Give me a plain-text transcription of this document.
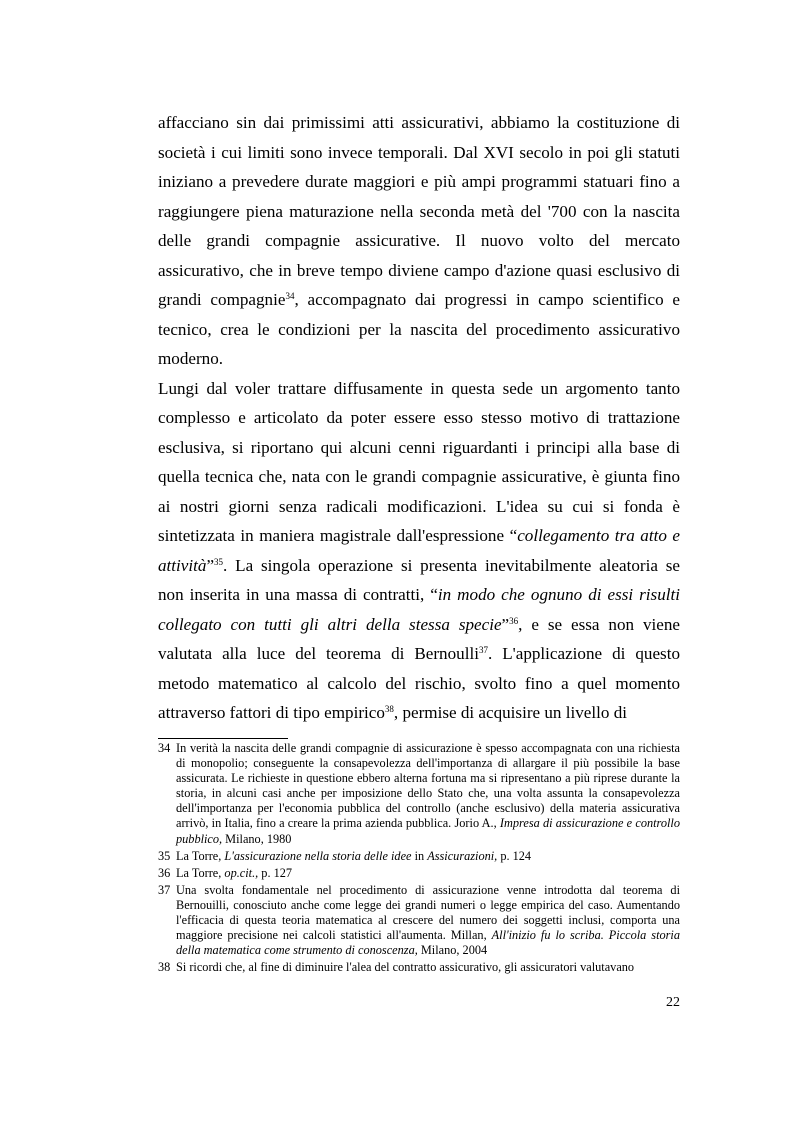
affacciano sin dai primissimi atti assicurativi, abbiamo la costituzione di società i cui limiti sono invece temporali. Dal XVI secolo in poi gli statuti iniziano a prevedere durate maggiori e più ampi programmi statuari fino a raggiungere piena maturazione nella seconda metà del '700 con la nascita delle grandi compagnie assicurative. Il nuovo volto del mercato assicurativo, che in breve tempo diviene campo d'azione quasi esclusivo di grandi compagnie$^{34}$, accompagnato dai progressi in campo scientifico e tecnico, crea le condizioni per la nascita del procedimento assicurativo moderno.

Lungi dal voler trattare diffusamente in questa sede un argomento tanto complesso e articolato da poter essere esso stesso motivo di trattazione esclusiva, si riportano qui alcuni cenni riguardanti i principi alla base di quella tecnica che, nata con le grandi compagnie assicurative, è giunta fino ai nostri giorni senza radicali modificazioni. L'idea su cui si fonda è sintetizzata in maniera magistrale dall'espressione “collegamento tra atto e attività”$^{35}$. La singola operazione si presenta inevitabilmente aleatoria se non inserita in una massa di contratti, “in modo che ognuno di essi risulti collegato con tutti gli altri della stessa specie”$^{36}$, e se essa non viene valutata alla luce del teorema di Bernoulli$^{37}$. L'applicazione di questo metodo matematico al calcolo del rischio, svolto fino a quel momento attraverso fattori di tipo empirico$^{38}$, permise di acquisire un livello di

34 In verità la nascita delle grandi compagnie di assicurazione è spesso accompagnata con una richiesta di monopolio; conseguente la consapevolezza dell'importanza di allargare il più possibile la base assicurata. Le richieste in questione ebbero alterna fortuna ma si ripresentano a più riprese durante la storia, in alcuni casi anche per imposizione dello Stato che, una volta assunta la consapevolezza dell'importanza per l'economia pubblica del controllo (anche esclusivo) della materia assicurativa arrivò, in Italia, fino a creare la prima azienda pubblica. Jorio A., Impresa di assicurazione e controllo pubblico, Milano, 1980
35 La Torre, L'assicurazione nella storia delle idee in Assicurazioni, p. 124
36 La Torre, op.cit., p. 127
37 Una svolta fondamentale nel procedimento di assicurazione venne introdotta dal teorema di Bernouilli, conosciuto anche come legge dei grandi numeri o legge empirica del caso. Aumentando l'efficacia di questa teoria matematica al crescere del numero dei soggetti inclusi, comporta una maggiore precisione nei calcoli statistici all'aumenta. Millan, All'inizio fu lo scriba. Piccola storia della matematica come strumento di conoscenza, Milano, 2004
38 Si ricordi che, al fine di diminuire l'alea del contratto assicurativo, gli assicuratori valutavano
22
